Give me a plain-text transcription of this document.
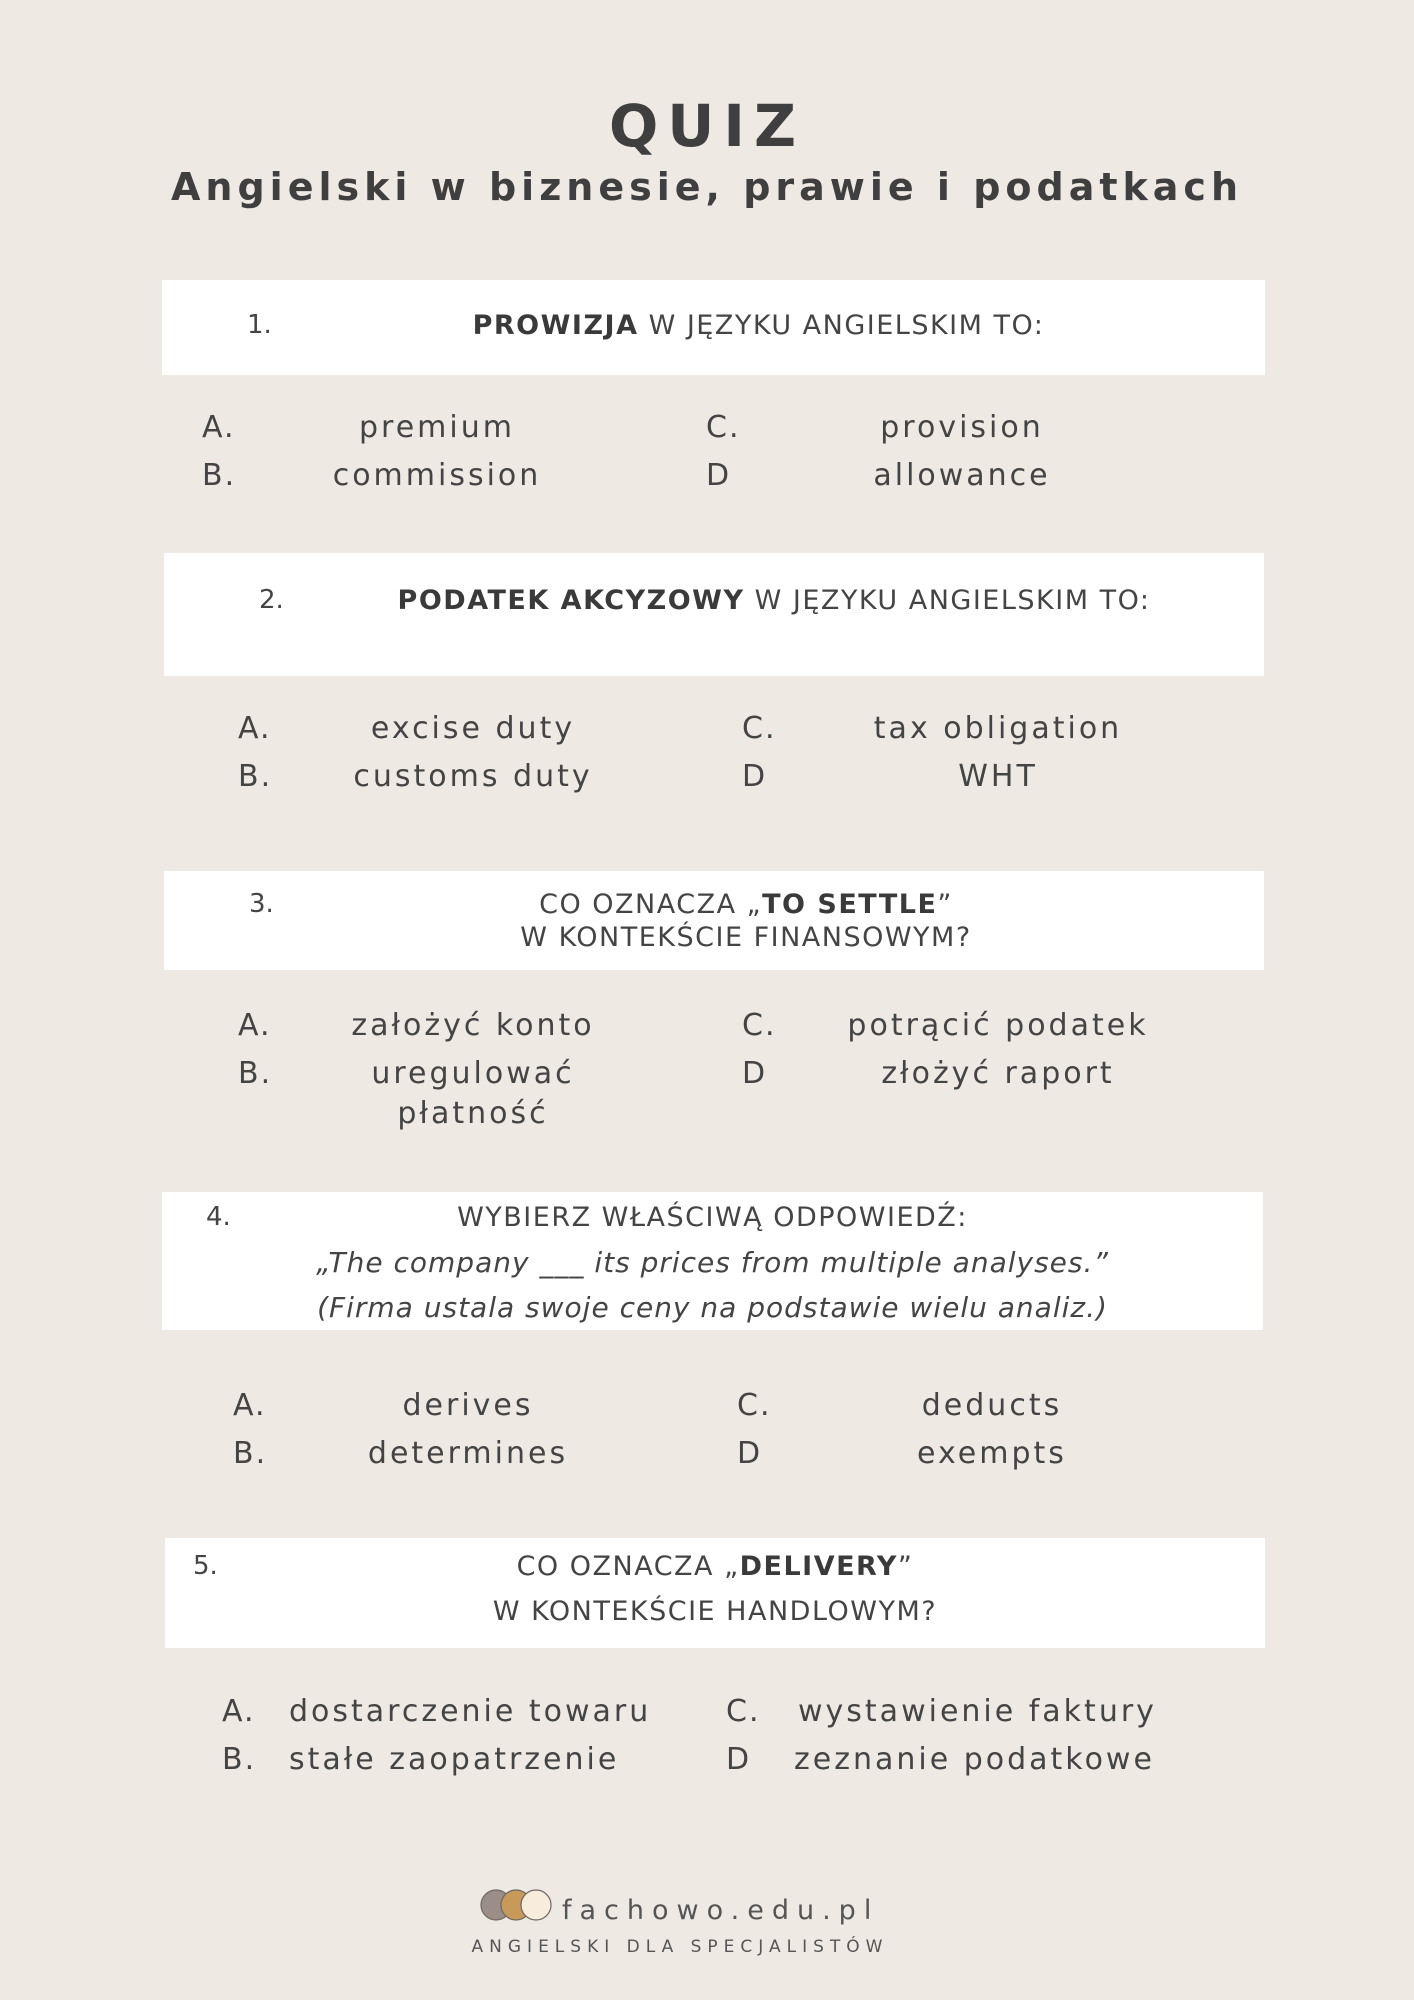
QUIZ
Angielski w biznesie, prawie i podatkach
1.	PROWIZJA W JĘZYKU ANGIELSKIM TO:
A.	premium
B.	commission
C.	provision
D	allowance
2.	PODATEK AKCYZOWY W JĘZYKU ANGIELSKIM TO:
A.	excise duty
B.	customs duty
C.	tax obligation
D	WHT
3.	CO OZNACZA „TO SETTLE”
W KONTEKŚCIE FINANSOWYM?
A.	założyć konto
B.	uregulować
płatność
C.	potrącić podatek
D	złożyć raport
4.	WYBIERZ WŁAŚCIWĄ ODPOWIEDŹ:
„The company ___ its prices from multiple analyses.”
(Firma ustala swoje ceny na podstawie wielu analiz.)
A.	derives
B.	determines
C.	deducts
D	exempts
5.	CO OZNACZA „DELIVERY”
W KONTEKŚCIE HANDLOWYM?
A. dostarczenie towaru
B. stałe zaopatrzenie
C. wystawienie faktury
D zeznanie podatkowe
fachowo.edu.pl
ANGIELSKI DLA SPECJALISTÓW
